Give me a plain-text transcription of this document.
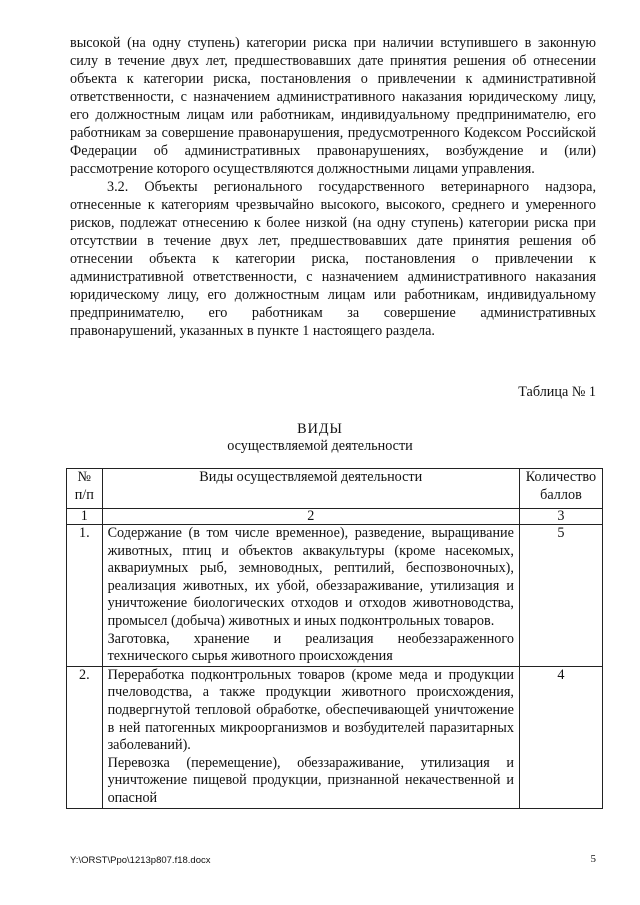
высокой (на одну ступень) категории риска при наличии вступившего в законную силу в течение двух лет, предшествовавших дате принятия решения об отнесении объекта к категории риска, постановления о привлечении к административной ответственности, с назначением административного наказания юридическому лицу, его должностным лицам или работникам, индивидуальному предпринимателю, его работникам за совершение правонарушения, предусмотренного Кодексом Российской Федерации об административных правонарушениях, возбуждение и (или) рассмотрение которого осуществляются должностными лицами управления.

3.2. Объекты регионального государственного ветеринарного надзора, отнесенные к категориям чрезвычайно высокого, высокого, среднего и умеренного рисков, подлежат отнесению к более низкой (на одну ступень) категории риска при отсутствии в течение двух лет, предшествовавших дате принятия решения об отнесении объекта к категории риска, постановления о привлечении к административной ответственности, с назначением административного наказания юридическому лицу, его должностным лицам или работникам, индивидуальному предпринимателю, его работникам за совершение административных правонарушений, указанных в пункте 1 настоящего раздела.

Таблица № 1
ВИДЫ
осуществляемой деятельности
№ п/п	Виды осуществляемой деятельности	Количество баллов
1	2	3
1.	Содержание (в том числе временное), разведение, выращивание животных, птиц и объектов аквакультуры (кроме насекомых, аквариумных рыб, земноводных, рептилий, беспозвоночных), реализация животных, их убой, обеззараживание, утилизация и уничтожение биологических отходов и отходов животноводства, промысел (добыча) животных и иных подконтрольных товаров.

Заготовка, хранение и реализация необеззараженного технического сырья животного происхождения	5
2.	Переработка подконтрольных товаров (кроме меда и продукции пчеловодства, а также продукции животного происхождения, подвергнутой тепловой обработке, обеспечивающей уничтожение в ней патогенных микроорганизмов и возбудителей паразитарных заболеваний).

Перевозка (перемещение), обеззараживание, утилизация и уничтожение пищевой продукции, признанной некачественной и опасной	4
Y:\ORST\Ppo\1213p807.f18.docx	5
